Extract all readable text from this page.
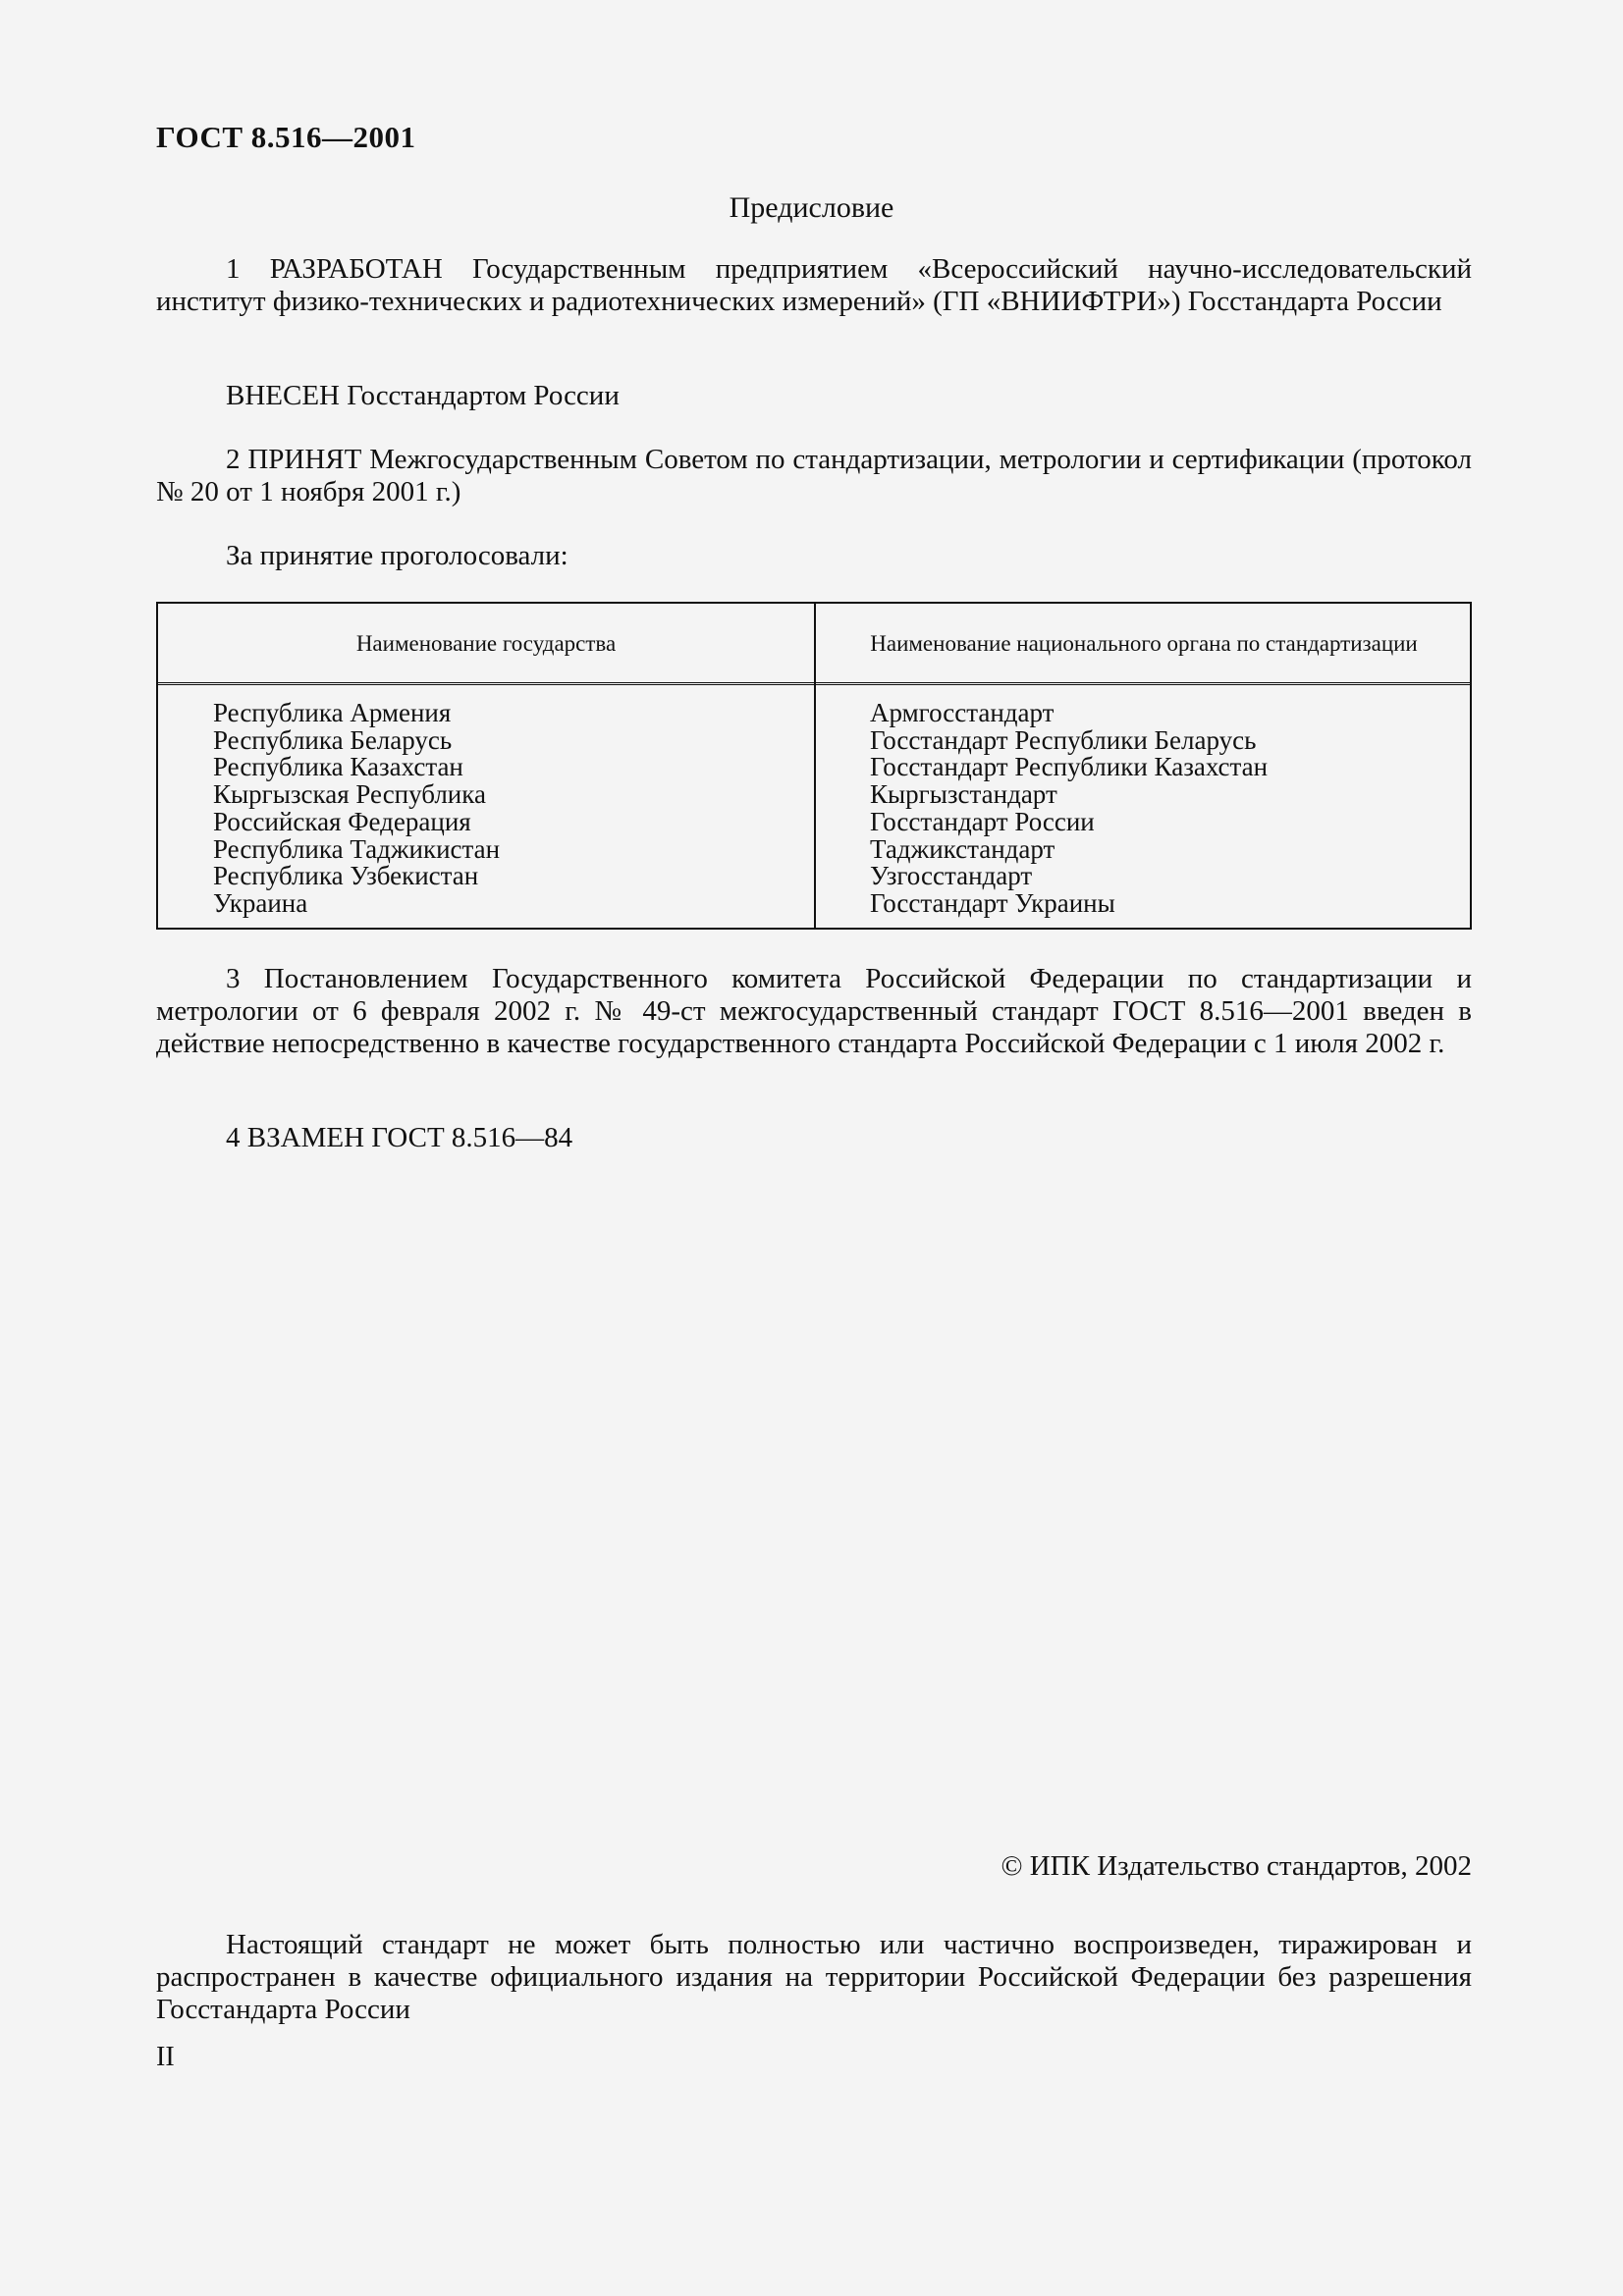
ГОСТ 8.516—2001
Предисловие

1 РАЗРАБОТАН Государственным предприятием «Всероссийский научно-исследовательский институт физико-технических и радиотехнических измерений» (ГП «ВНИИФТРИ») Госстандарта России

ВНЕСЕН Госстандартом России

2 ПРИНЯТ Межгосударственным Советом по стандартизации, метрологии и сертификации (протокол № 20 от 1 ноября 2001 г.)

За принятие проголосовали:

Наименование государства	Наименование национального органа по стандартизации
Республика Армения
Республика Беларусь
Республика Казахстан
Кыргызская Республика
Российская Федерация
Республика Таджикистан
Республика Узбекистан
Украина
Армгосстандарт
Госстандарт Республики Беларусь
Госстандарт Республики Казахстан
Кыргызстандарт
Госстандарт России
Таджикстандарт
Узгосстандарт
Госстандарт Украины

3 Постановлением Государственного комитета Российской Федерации по стандартизации и метрологии от 6 февраля 2002 г. № 49-ст межгосударственный стандарт ГОСТ 8.516—2001 введен в действие непосредственно в качестве государственного стандарта Российской Федерации с 1 июля 2002 г.

4 ВЗАМЕН ГОСТ 8.516—84

© ИПК Издательство стандартов, 2002

Настоящий стандарт не может быть полностью или частично воспроизведен, тиражирован и распространен в качестве официального издания на территории Российской Федерации без разрешения Госстандарта России

II
